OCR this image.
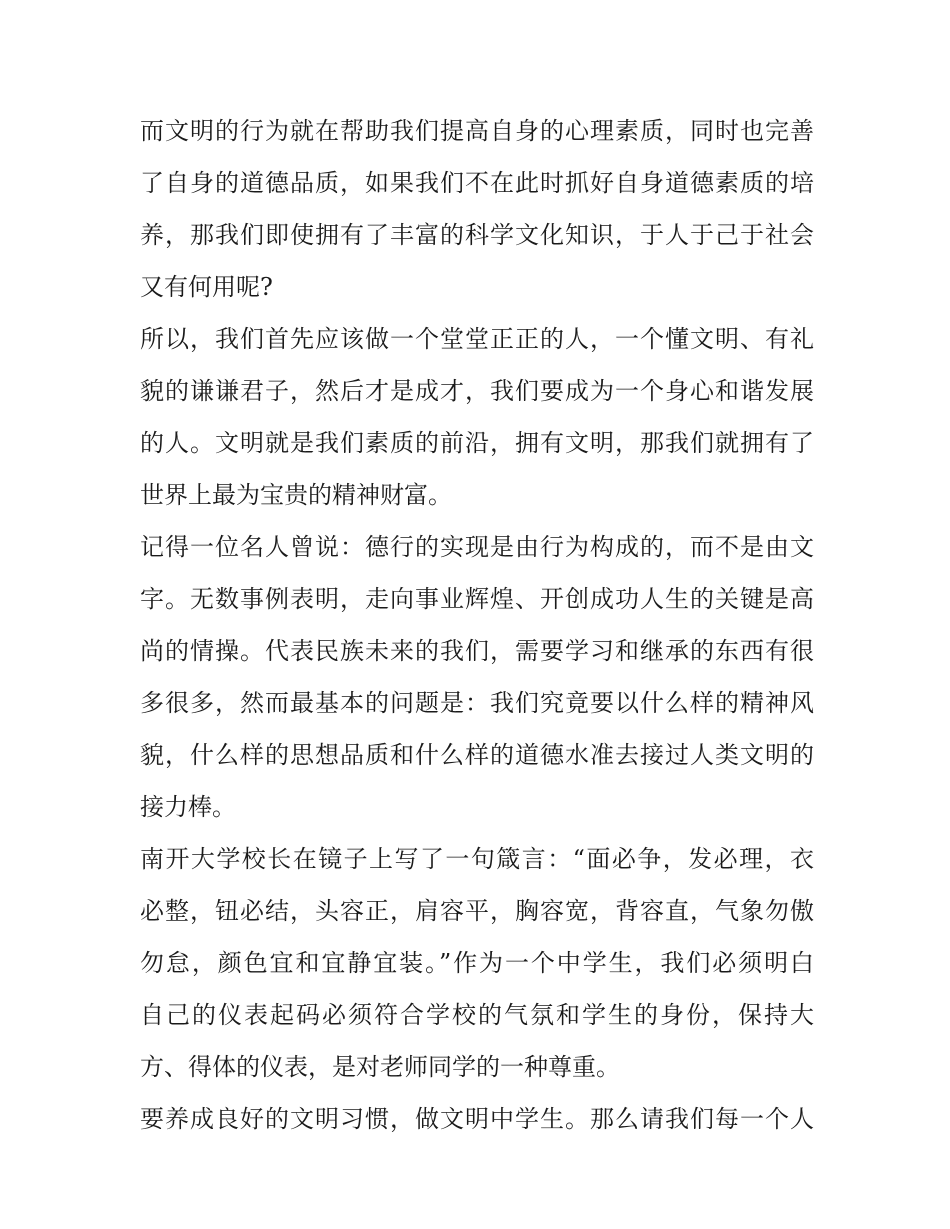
而文明的行为就在帮助我们提高自身的心理素质，同时也完善

了自身的道德品质，如果我们不在此时抓好自身道德素质的培

养，那我们即使拥有了丰富的科学文化知识，于人于己于社会

又有何用呢?

所以，我们首先应该做一个堂堂正正的人，一个懂文明、有礼

貌的谦谦君子，然后才是成才，我们要成为一个身心和谐发展

的人。文明就是我们素质的前沿，拥有文明，那我们就拥有了

世界上最为宝贵的精神财富。

记得一位名人曾说：德行的实现是由行为构成的，而不是由文

字。无数事例表明，走向事业辉煌、开创成功人生的关键是高

尚的情操。代表民族未来的我们，需要学习和继承的东西有很

多很多，然而最基本的问题是：我们究竟要以什么样的精神风

貌，什么样的思想品质和什么样的道德水准去接过人类文明的

接力棒。

南开大学校长在镜子上写了一句箴言：“面必争，发必理，衣

必整，钮必结，头容正，肩容平，胸容宽，背容直，气象勿傲

勿怠，颜色宜和宜静宜装。”作为一个中学生，我们必须明白

自己的仪表起码必须符合学校的气氛和学生的身份，保持大

方、得体的仪表，是对老师同学的一种尊重。

要养成良好的文明习惯，做文明中学生。那么请我们每一个人
